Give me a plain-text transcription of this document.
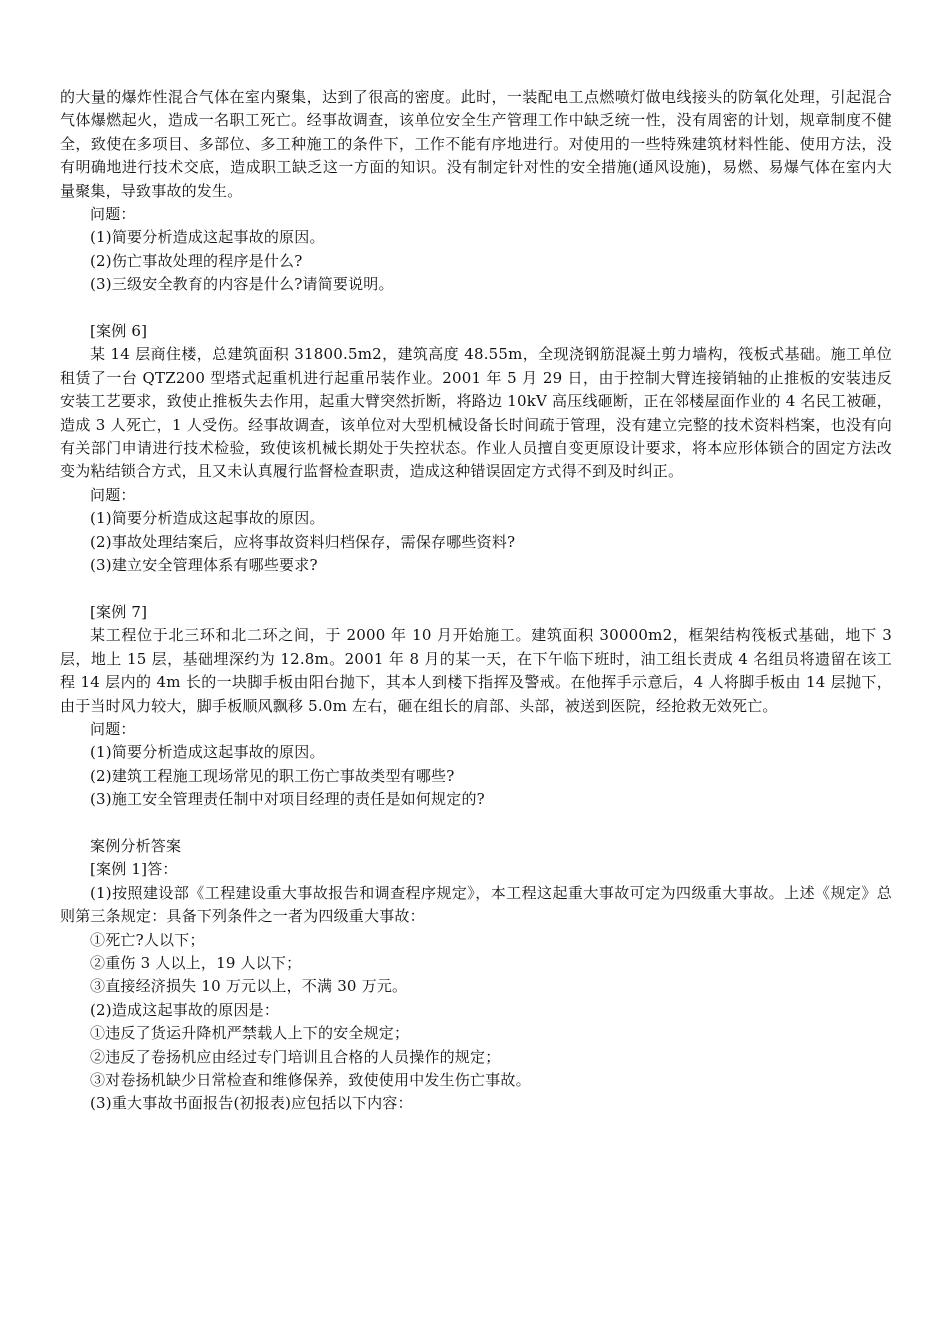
的大量的爆炸性混合气体在室内聚集，达到了很高的密度。此时，一装配电工点燃喷灯做电线接头的防氧化处理，引起混合气体爆燃起火，造成一名职工死亡。经事故调查，该单位安全生产管理工作中缺乏统一性，没有周密的计划，规章制度不健全，致使在多项目、多部位、多工种施工的条件下，工作不能有序地进行。对使用的一些特殊建筑材料性能、使用方法，没有明确地进行技术交底，造成职工缺乏这一方面的知识。没有制定针对性的安全措施(通风设施)，易燃、易爆气体在室内大量聚集，导致事故的发生。

问题：

(1)简要分析造成这起事故的原因。

(2)伤亡事故处理的程序是什么?

(3)三级安全教育的内容是什么?请简要说明。

[案例 6]

某 14 层商住楼，总建筑面积 31800.5m2，建筑高度 48.55m，全现浇钢筋混凝土剪力墙构，筏板式基础。施工单位租赁了一台 QTZ200 型塔式起重机进行起重吊装作业。2001 年 5 月 29 日，由于控制大臂连接销轴的止推板的安装违反安装工艺要求，致使止推板失去作用，起重大臂突然折断，将路边 10kV 高压线砸断，正在邻楼屋面作业的 4 名民工被砸，造成 3 人死亡，1 人受伤。经事故调查，该单位对大型机械设备长时间疏于管理，没有建立完整的技术资料档案，也没有向有关部门申请进行技术检验，致使该机械长期处于失控状态。作业人员擅自变更原设计要求，将本应形体锁合的固定方法改变为粘结锁合方式，且又未认真履行监督检查职责，造成这种错误固定方式得不到及时纠正。

问题：

(1)简要分析造成这起事故的原因。

(2)事故处理结案后，应将事故资料归档保存，需保存哪些资料?

(3)建立安全管理体系有哪些要求?

[案例 7]

某工程位于北三环和北二环之间，于 2000 年 10 月开始施工。建筑面积 30000m2，框架结构筏板式基础，地下 3 层，地上 15 层，基础埋深约为 12.8m。2001 年 8 月的某一天，在下午临下班时，油工组长责成 4 名组员将遗留在该工程 14 层内的 4m 长的一块脚手板由阳台抛下，其本人到楼下指挥及警戒。在他挥手示意后，4 人将脚手板由 14 层抛下，由于当时风力较大，脚手板顺风飘移 5.0m 左右，砸在组长的肩部、头部，被送到医院，经抢救无效死亡。

问题：

(1)简要分析造成这起事故的原因。

(2)建筑工程施工现场常见的职工伤亡事故类型有哪些?

(3)施工安全管理责任制中对项目经理的责任是如何规定的?

案例分析答案

[案例 1]答：

(1)按照建设部《工程建设重大事故报告和调查程序规定》，本工程这起重大事故可定为四级重大事故。上述《规定》总则第三条规定：具备下列条件之一者为四级重大事故：

①死亡?人以下；

②重伤 3 人以上，19 人以下；

③直接经济损失 10 万元以上，不满 30 万元。

(2)造成这起事故的原因是：

①违反了货运升降机严禁载人上下的安全规定；

②违反了卷扬机应由经过专门培训且合格的人员操作的规定；

③对卷扬机缺少日常检查和维修保养，致使使用中发生伤亡事故。

(3)重大事故书面报告(初报表)应包括以下内容：
